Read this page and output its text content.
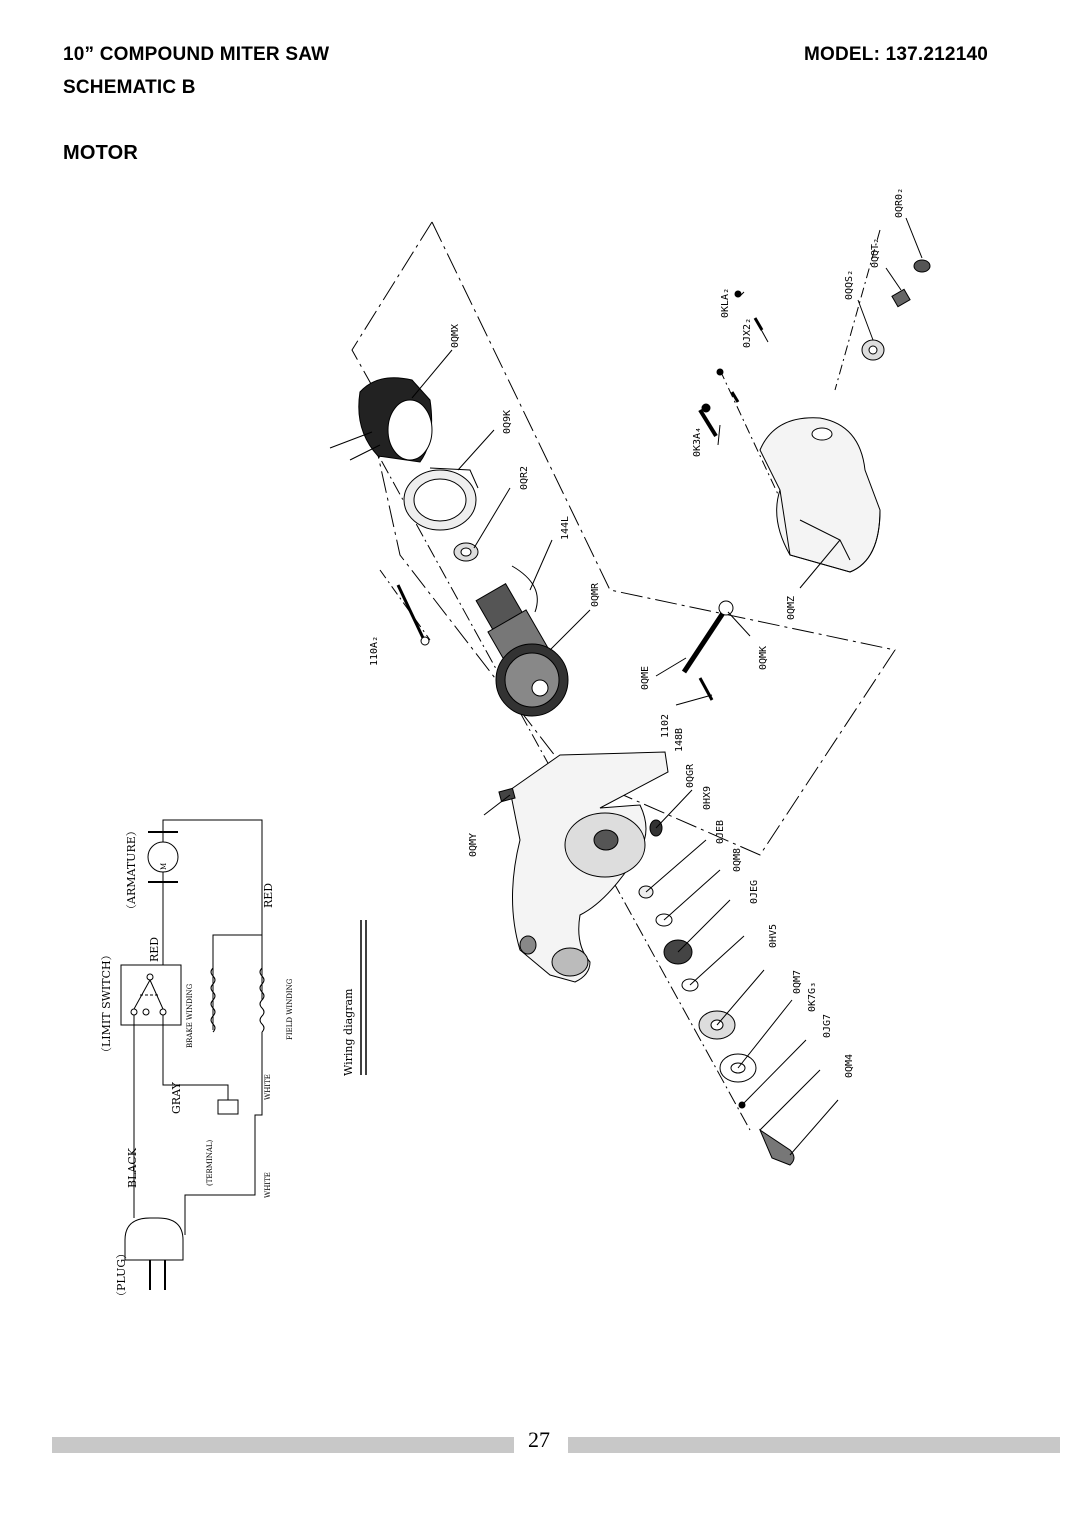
10” COMPOUND MITER SAW
SCHEMATIC B
MODEL: 137.212140
MOTOR
0QMX
0Q9K
0QR2
144L
0QMR
110A₂
0QME
0QMK
1102
148B
0QGR
0HX9
0JEB
0QM8
0JEG
0HV5
0QM7 0K7G₃
0JG7
0QM4
0QMY
0QMZ
0K3A₄
0JX2₂
0KLA₂
0QQS₂
0QQT₂
0QR0₂
Wiring diagram
（ARMATURE）	M
RED
RED
（LIMIT SWITCH）	BRAKE WINDING	FIELD WINDING
GRAY	WHITE
WHITE
BLACK	(TERMINAL)
（PLUG）
27
